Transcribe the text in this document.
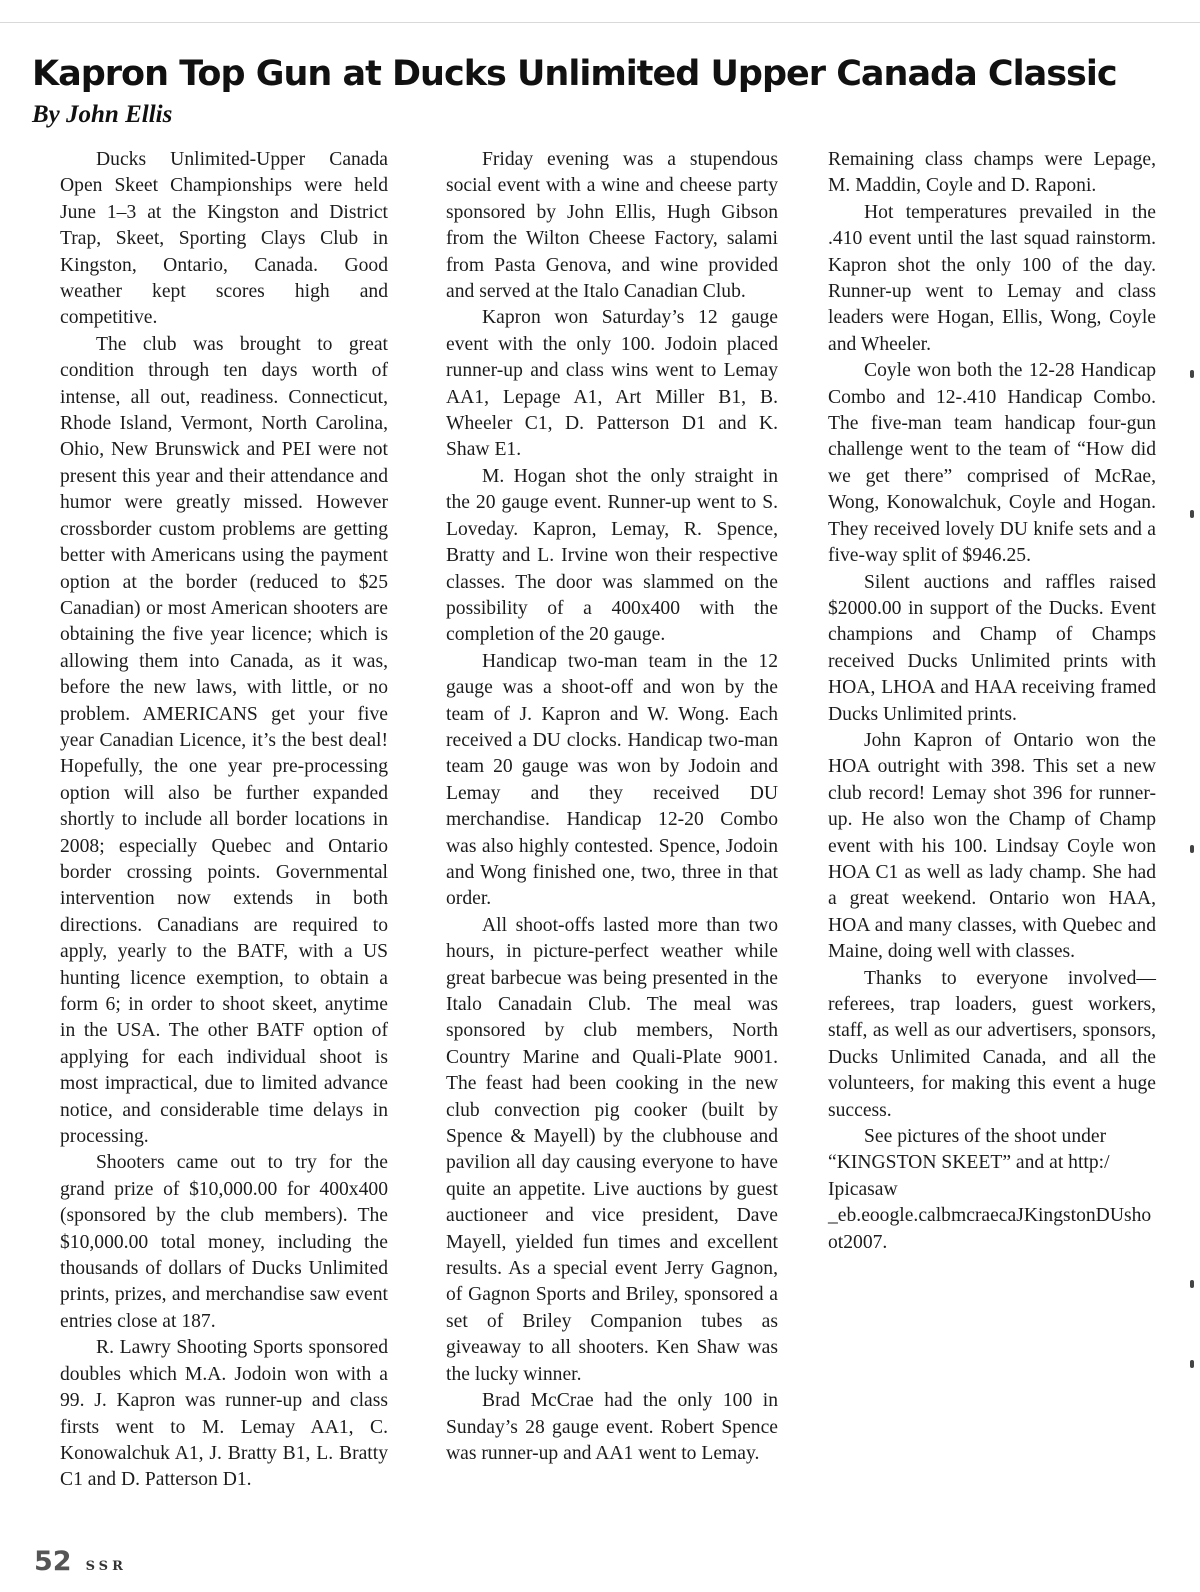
Kapron Top Gun at Ducks Unlimited Upper Canada Classic
By John Ellis

Ducks Unlimited-Upper Canada Open Skeet Championships were held June 1–3 at the Kingston and District Trap, Skeet, Sporting Clays Club in Kingston, Ontario, Canada. Good weather kept scores high and competitive.

The club was brought to great condition through ten days worth of intense, all out, readiness. Connecticut, Rhode Island, Vermont, North Carolina, Ohio, New Brunswick and PEI were not present this year and their attendance and humor were greatly missed. However crossborder custom problems are getting better with Americans using the payment option at the border (reduced to $25 Canadian) or most American shooters are obtaining the five year licence; which is allowing them into Canada, as it was, before the new laws, with little, or no problem. AMERICANS get your five year Canadian Licence, it’s the best deal! Hopefully, the one year pre-processing option will also be further expanded shortly to include all border locations in 2008; especially Quebec and Ontario border crossing points. Governmental intervention now extends in both directions. Canadians are required to apply, yearly to the BATF, with a US hunting licence exemption, to obtain a form 6; in order to shoot skeet, anytime in the USA. The other BATF option of applying for each individual shoot is most impractical, due to limited advance notice, and considerable time delays in processing.

Shooters came out to try for the grand prize of $10,000.00 for 400x400 (sponsored by the club members). The $10,000.00 total money, including the thousands of dollars of Ducks Unlimited prints, prizes, and merchandise saw event entries close at 187.

R. Lawry Shooting Sports sponsored doubles which M.A. Jodoin won with a 99. J. Kapron was runner-up and class firsts went to M. Lemay AA1, C. Konowalchuk A1, J. Bratty B1, L. Bratty C1 and D. Patterson D1.

Friday evening was a stupendous social event with a wine and cheese party sponsored by John Ellis, Hugh Gibson from the Wilton Cheese Factory, salami from Pasta Genova, and wine provided and served at the Italo Canadian Club.

Kapron won Saturday’s 12 gauge event with the only 100. Jodoin placed runner-up and class wins went to Lemay AA1, Lepage A1, Art Miller B1, B. Wheeler C1, D. Patterson D1 and K. Shaw E1.

M. Hogan shot the only straight in the 20 gauge event. Runner-up went to S. Loveday. Kapron, Lemay, R. Spence, Bratty and L. Irvine won their respective classes. The door was slammed on the possibility of a 400x400 with the completion of the 20 gauge.

Handicap two-man team in the 12 gauge was a shoot-off and won by the team of J. Kapron and W. Wong. Each received a DU clocks. Handicap two-man team 20 gauge was won by Jodoin and Lemay and they received DU merchandise. Handicap 12-20 Combo was also highly contested. Spence, Jodoin and Wong finished one, two, three in that order.

All shoot-offs lasted more than two hours, in picture-perfect weather while great barbecue was being presented in the Italo Canadain Club. The meal was sponsored by club members, North Country Marine and Quali-Plate 9001. The feast had been cooking in the new club convection pig cooker (built by Spence & Mayell) by the clubhouse and pavilion all day causing everyone to have quite an appetite. Live auctions by guest auctioneer and vice president, Dave Mayell, yielded fun times and excellent results. As a special event Jerry Gagnon, of Gagnon Sports and Briley, sponsored a set of Briley Companion tubes as giveaway to all shooters. Ken Shaw was the lucky winner.

Brad McCrae had the only 100 in Sunday’s 28 gauge event. Robert Spence was runner-up and AA1 went to Lemay.

Remaining class champs were Lepage, M. Maddin, Coyle and D. Raponi.

Hot temperatures prevailed in the .410 event until the last squad rainstorm. Kapron shot the only 100 of the day. Runner-up went to Lemay and class leaders were Hogan, Ellis, Wong, Coyle and Wheeler.

Coyle won both the 12-28 Handicap Combo and 12-.410 Handicap Combo. The five-man team handicap four-gun challenge went to the team of “How did we get there” comprised of McRae, Wong, Konowalchuk, Coyle and Hogan. They received lovely DU knife sets and a five-way split of $946.25.

Silent auctions and raffles raised $2000.00 in support of the Ducks. Event champions and Champ of Champs received Ducks Unlimited prints with HOA, LHOA and HAA receiving framed Ducks Unlimited prints.

John Kapron of Ontario won the HOA outright with 398. This set a new club record! Lemay shot 396 for runner-up. He also won the Champ of Champ event with his 100. Lindsay Coyle won HOA C1 as well as lady champ. She had a great weekend. Ontario won HAA, HOA and many classes, with Quebec and Maine, doing well with classes.

Thanks to everyone involved—referees, trap loaders, guest workers, staff, as well as our advertisers, sponsors, Ducks Unlimited Canada, and all the volunteers, for making this event a huge success.

See pictures of the shoot under “KINGSTON SKEET” and at http:/ Ipicasaw _eb.eoogle.calbmcraecaJKingstonDUshoot2007.

52 SSR
